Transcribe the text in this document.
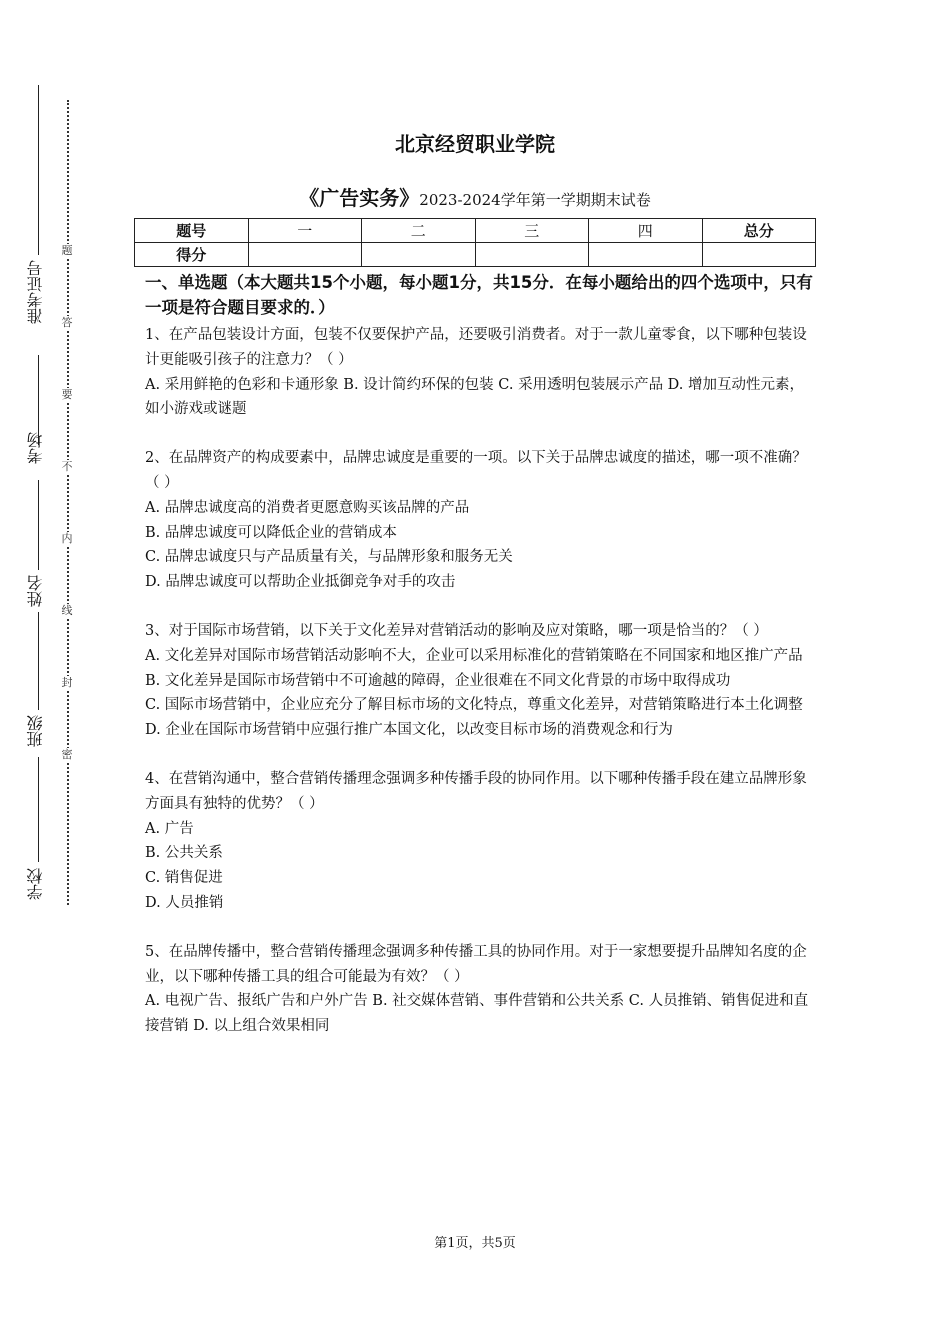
准考证号
考场
姓名
班级
学校
题
答
要
不
内
线
封
密
北京经贸职业学院
《广告实务》2023-2024学年第一学期期末试卷
题号	一	二	三	四	总分
得分					

一、单选题（本大题共15个小题，每小题1分，共15分．在每小题给出的四个选项中，只有一项是符合题目要求的．）

1、在产品包装设计方面，包装不仅要保护产品，还要吸引消费者。对于一款儿童零食，以下哪种包装设计更能吸引孩子的注意力？（ ）

A. 采用鲜艳的色彩和卡通形象 B. 设计简约环保的包装 C. 采用透明包装展示产品 D. 增加互动性元素，如小游戏或谜题

2、在品牌资产的构成要素中，品牌忠诚度是重要的一项。以下关于品牌忠诚度的描述，哪一项不准确？（ ）

A. 品牌忠诚度高的消费者更愿意购买该品牌的产品

B. 品牌忠诚度可以降低企业的营销成本

C. 品牌忠诚度只与产品质量有关，与品牌形象和服务无关

D. 品牌忠诚度可以帮助企业抵御竞争对手的攻击

3、对于国际市场营销，以下关于文化差异对营销活动的影响及应对策略，哪一项是恰当的？（ ）

A. 文化差异对国际市场营销活动影响不大，企业可以采用标准化的营销策略在不同国家和地区推广产品

B. 文化差异是国际市场营销中不可逾越的障碍，企业很难在不同文化背景的市场中取得成功

C. 国际市场营销中，企业应充分了解目标市场的文化特点，尊重文化差异，对营销策略进行本土化调整

D. 企业在国际市场营销中应强行推广本国文化，以改变目标市场的消费观念和行为

4、在营销沟通中，整合营销传播理念强调多种传播手段的协同作用。以下哪种传播手段在建立品牌形象方面具有独特的优势？（ ）

A. 广告

B. 公共关系

C. 销售促进

D. 人员推销

5、在品牌传播中，整合营销传播理念强调多种传播工具的协同作用。对于一家想要提升品牌知名度的企业，以下哪种传播工具的组合可能最为有效？（ ）

A. 电视广告、报纸广告和户外广告 B. 社交媒体营销、事件营销和公共关系 C. 人员推销、销售促进和直接营销 D. 以上组合效果相同

第1页，共5页
